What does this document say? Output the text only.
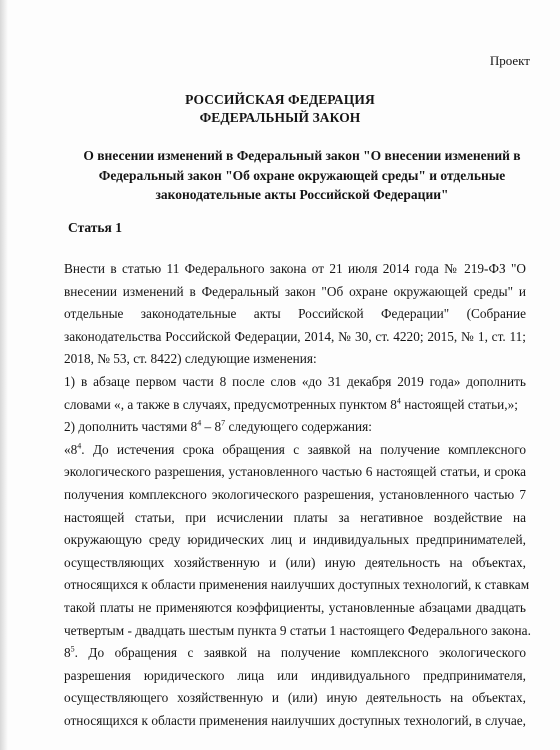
Проект

РОССИЙСКАЯ ФЕДЕРАЦИЯ

ФЕДЕРАЛЬНЫЙ ЗАКОН

О внесении изменений в Федеральный закон "О внесении изменений в
Федеральный закон "Об охране окружающей среды" и отдельные
законодательные акты Российской Федерации"

Статья 1

Внести в статью 11 Федерального закона от 21 июля 2014 года № 219-ФЗ "О
внесении изменений в Федеральный закон "Об охране окружающей среды" и
отдельные законодательные акты Российской Федерации" (Собрание
законодательства Российской Федерации, 2014, № 30, ст. 4220; 2015, № 1, ст. 11;
2018, № 53, ст. 8422) следующие изменения:
1) в абзаце первом части 8 после слов «до 31 декабря 2019 года» дополнить
словами «, а также в случаях, предусмотренных пунктом $8^4$ настоящей статьи,»;
2) дополнить частями $8^4 - 8^7$ следующего содержания:
«$8^4$. До истечения срока обращения с заявкой на получение комплексного
экологического разрешения, установленного частью 6 настоящей статьи, и срока
получения комплексного экологического разрешения, установленного частью 7
настоящей статьи, при исчислении платы за негативное воздействие на
окружающую среду юридических лиц и индивидуальных предпринимателей,
осуществляющих хозяйственную и (или) иную деятельность на объектах,
относящихся к области применения наилучших доступных технологий, к ставкам
такой платы не применяются коэффициенты, установленные абзацами двадцать
четвертым - двадцать шестым пункта 9 статьи 1 настоящего Федерального закона.
$8^5$. До обращения с заявкой на получение комплексного экологического
разрешения юридического лица или индивидуального предпринимателя,
осуществляющего хозяйственную и (или) иную деятельность на объектах,
относящихся к области применения наилучших доступных технологий, в случае,
